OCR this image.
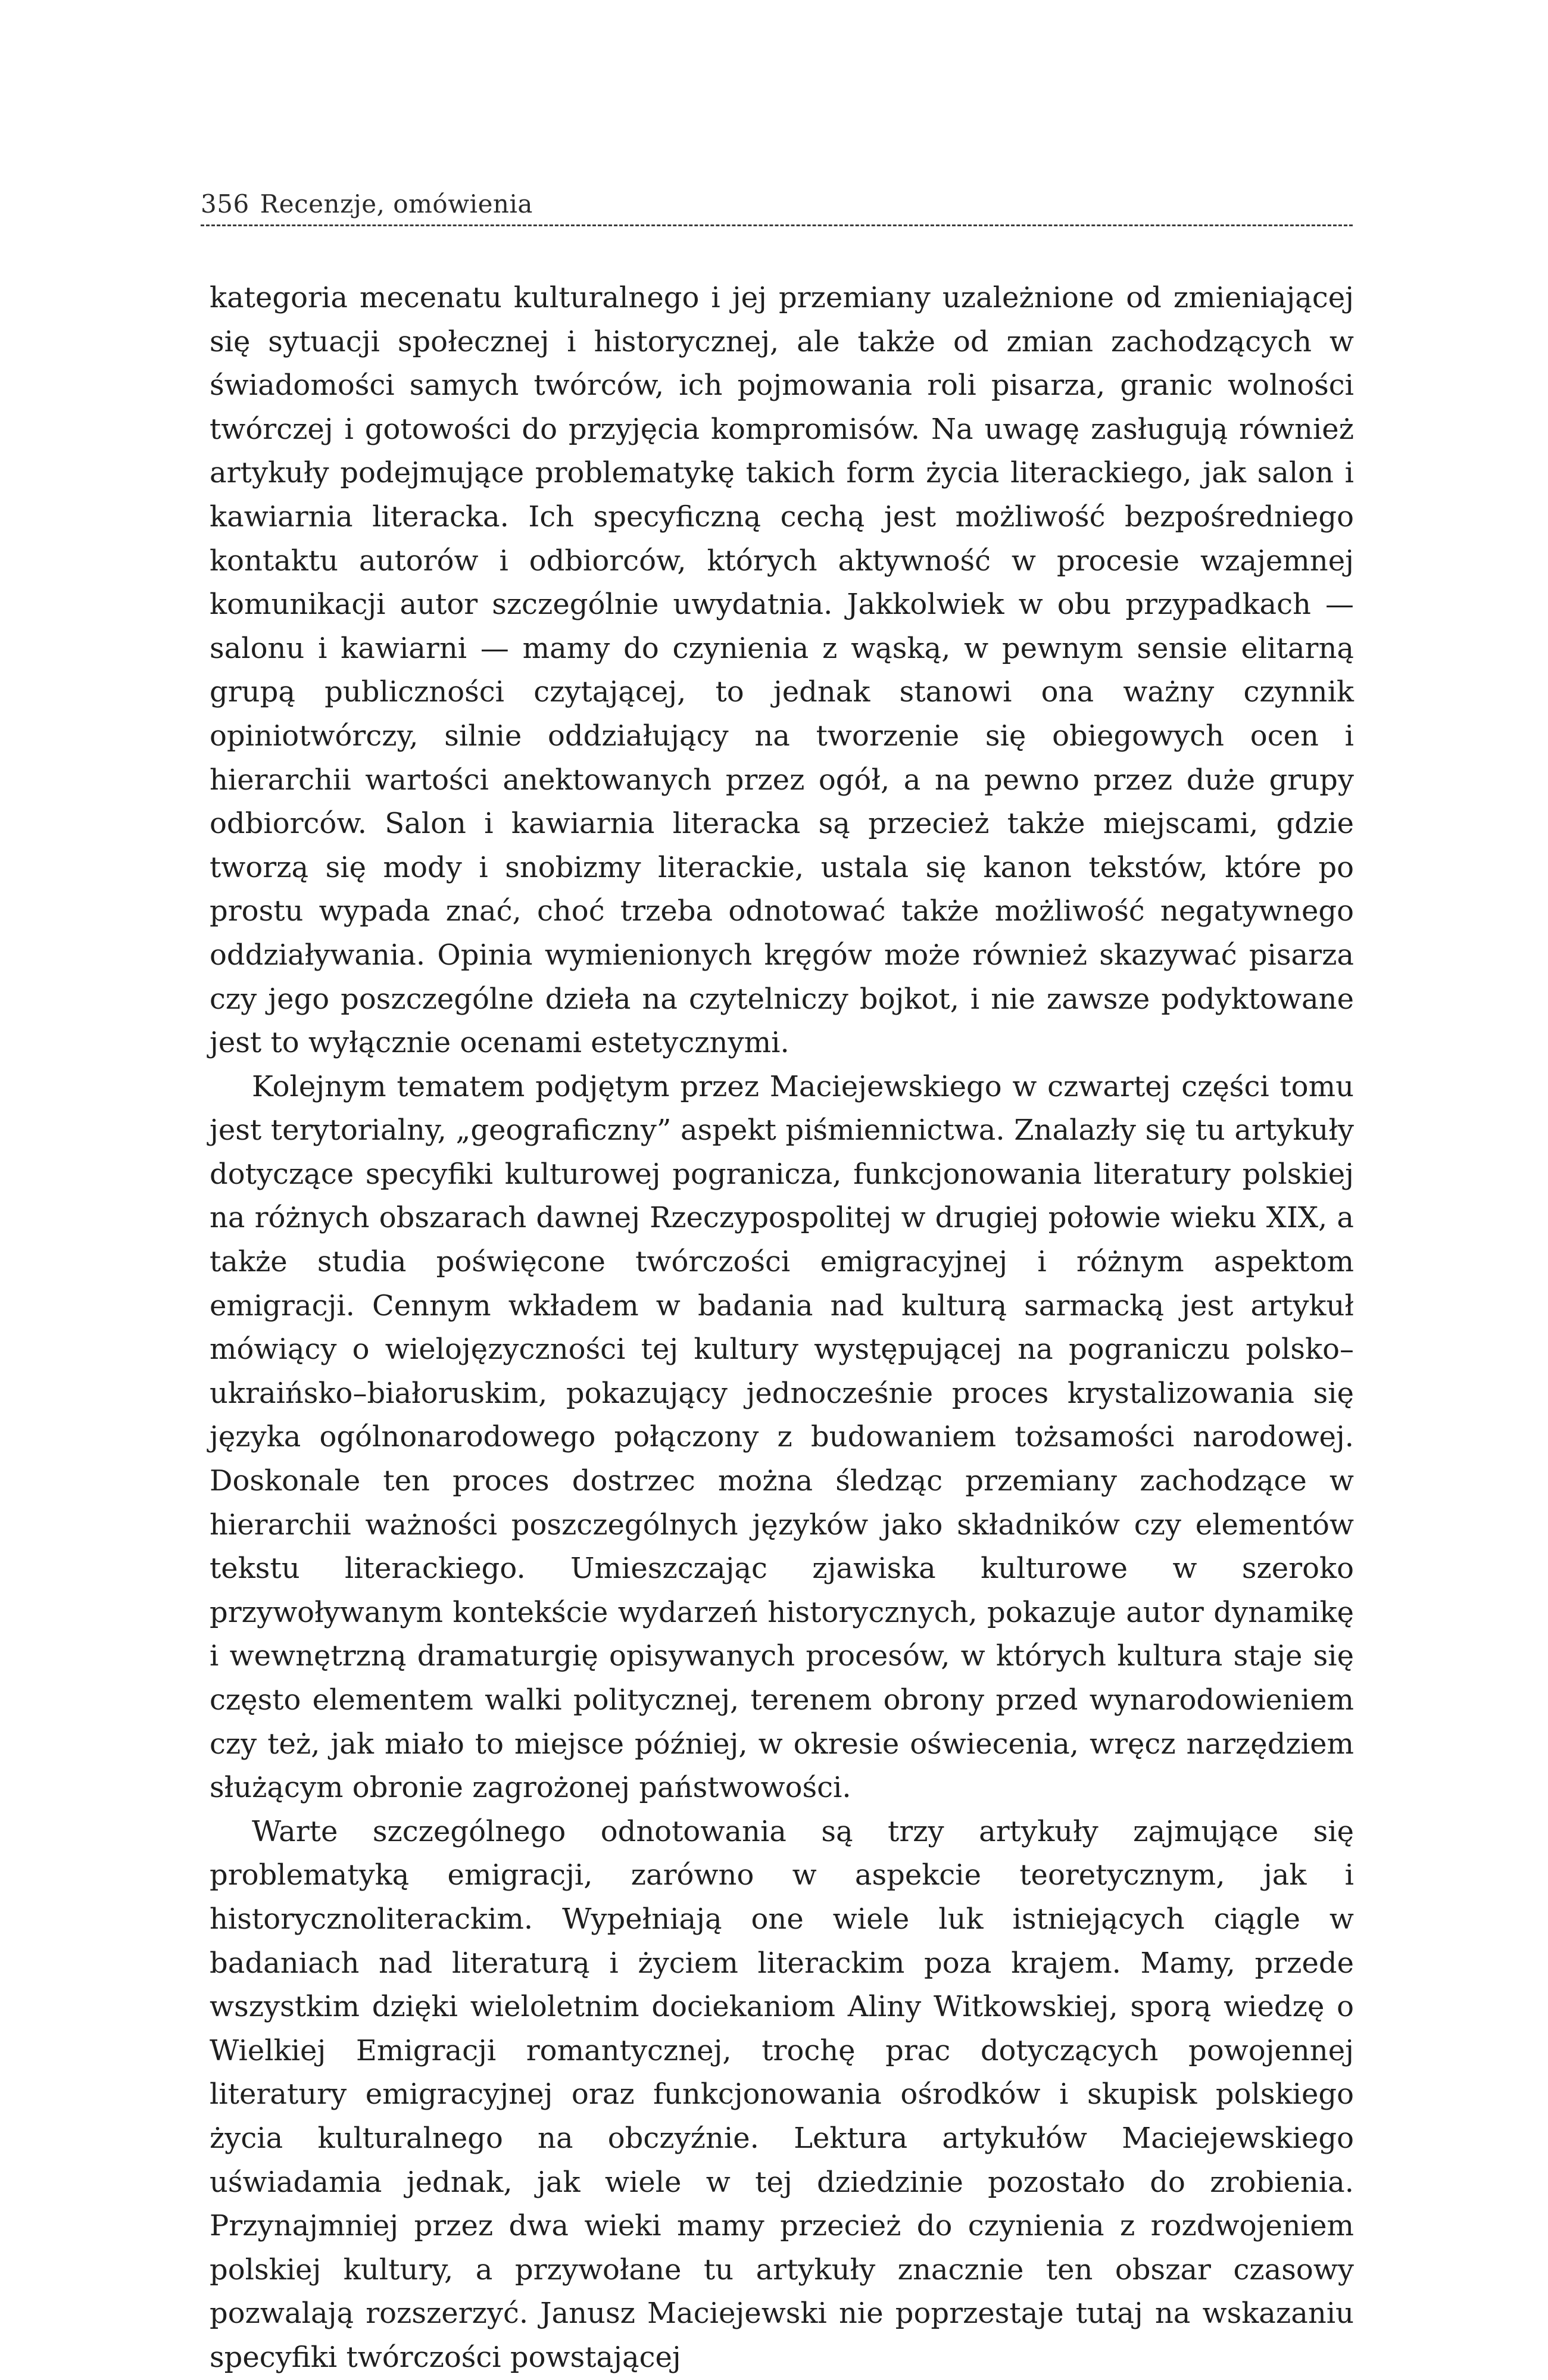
356 Recenzje, omówienia

kategoria mecenatu kulturalnego i jej przemiany uzależnione od zmieniającej się sytuacji społecznej i historycznej, ale także od zmian zachodzących w świadomości samych twórców, ich pojmowania roli pisarza, granic wolności twórczej i gotowości do przyjęcia kompromisów. Na uwagę zasługują również artykuły podejmujące problematykę takich form życia literackiego, jak salon i kawiarnia literacka. Ich specyficzną cechą jest możliwość bezpośredniego kontaktu autorów i odbiorców, których aktywność w procesie wzajemnej komunikacji autor szczególnie uwydatnia. Jakkolwiek w obu przypadkach — salonu i kawiarni — mamy do czynienia z wąską, w pewnym sensie elitarną grupą publiczności czytającej, to jednak stanowi ona ważny czynnik opiniotwórczy, silnie oddziałujący na tworzenie się obiegowych ocen i hierarchii wartości anektowanych przez ogół, a na pewno przez duże grupy odbiorców. Salon i kawiarnia literacka są przecież także miejscami, gdzie tworzą się mody i snobizmy literackie, ustala się kanon tekstów, które po prostu wypada znać, choć trzeba odnotować także możliwość negatywnego oddziaływania. Opinia wymienionych kręgów może również skazywać pisarza czy jego poszczególne dzieła na czytelniczy bojkot, i nie zawsze podyktowane jest to wyłącznie ocenami estetycznymi.

Kolejnym tematem podjętym przez Maciejewskiego w czwartej części tomu jest terytorialny, „geograficzny” aspekt piśmiennictwa. Znalazły się tu artykuły dotyczące specyfiki kulturowej pogranicza, funkcjonowania literatury polskiej na różnych obszarach dawnej Rzeczypospolitej w drugiej połowie wieku XIX, a także studia poświęcone twórczości emigracyjnej i różnym aspektom emigracji. Cennym wkładem w badania nad kulturą sarmacką jest artykuł mówiący o wielojęzyczności tej kultury występującej na pograniczu polsko–ukraińsko–białoruskim, pokazujący jednocześnie proces krystalizowania się języka ogólnonarodowego połączony z budowaniem tożsamości narodowej. Doskonale ten proces dostrzec można śledząc przemiany zachodzące w hierarchii ważności poszczególnych języków jako składników czy elementów tekstu literackiego. Umieszczając zjawiska kulturowe w szeroko przywoływanym kontekście wydarzeń historycznych, pokazuje autor dynamikę i wewnętrzną dramaturgię opisywanych procesów, w których kultura staje się często elementem walki politycznej, terenem obrony przed wynarodowieniem czy też, jak miało to miejsce później, w okresie oświecenia, wręcz narzędziem służącym obronie zagrożonej państwowości.

Warte szczególnego odnotowania są trzy artykuły zajmujące się problematyką emigracji, zarówno w aspekcie teoretycznym, jak i historycznoliterackim. Wypełniają one wiele luk istniejących ciągle w badaniach nad literaturą i życiem literackim poza krajem. Mamy, przede wszystkim dzięki wieloletnim dociekaniom Aliny Witkowskiej, sporą wiedzę o Wielkiej Emigracji romantycznej, trochę prac dotyczących powojennej literatury emigracyjnej oraz funkcjonowania ośrodków i skupisk polskiego życia kulturalnego na obczyźnie. Lektura artykułów Maciejewskiego uświadamia jednak, jak wiele w tej dziedzinie pozostało do zrobienia. Przynajmniej przez dwa wieki mamy przecież do czynienia z rozdwojeniem polskiej kultury, a przywołane tu artykuły znacznie ten obszar czasowy pozwalają rozszerzyć. Janusz Maciejewski nie poprzestaje tutaj na wskazaniu specyfiki twórczości powstającej
